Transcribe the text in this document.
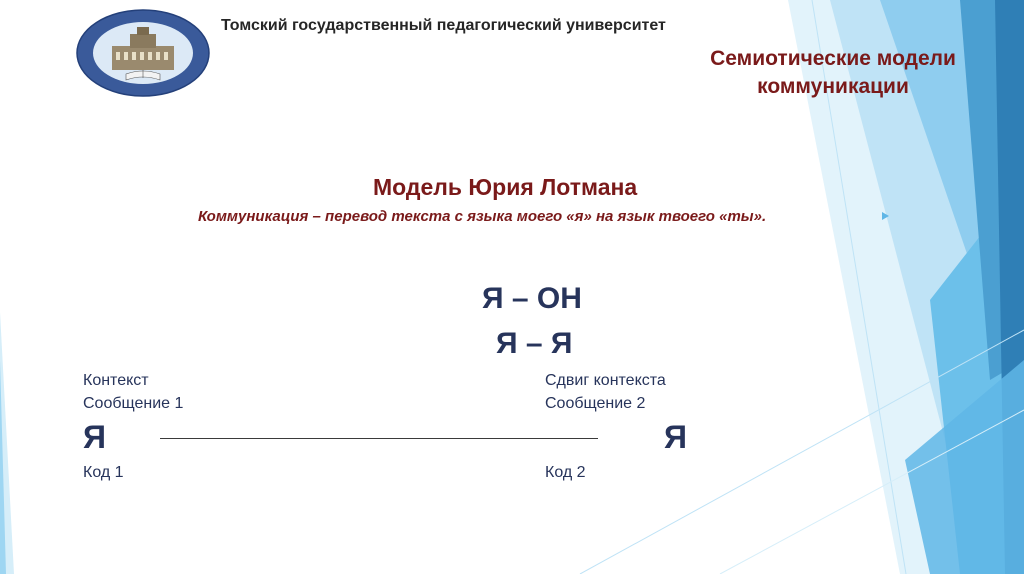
Томский государственный педагогический университет
Семиотические модели
коммуникации
Модель Юрия Лотмана
Коммуникация – перевод текста с языка моего «я» на язык твоего «ты».
Я – ОН
Я – Я
Контекст
Сообщение 1
Я
Код 1
Сдвиг контекста
Сообщение 2
Я
Код 2
